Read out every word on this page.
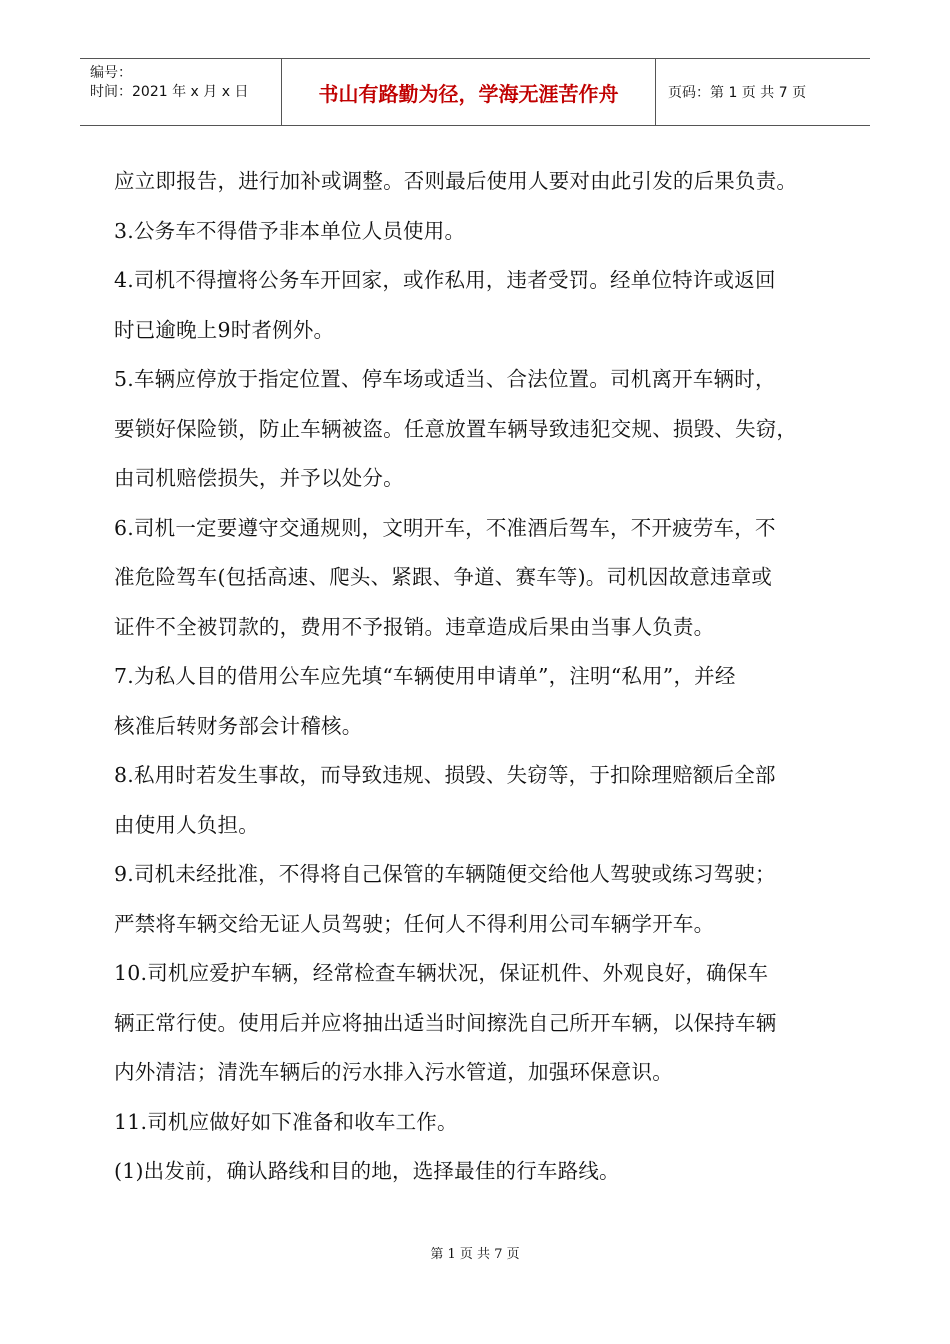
编号：
时间：2021 年 x 月 x 日	书山有路勤为径，学海无涯苦作舟	页码：第 1 页 共 7 页
应立即报告，进行加补或调整。否则最后使用人要对由此引发的后果负责。
3.公务车不得借予非本单位人员使用。
4.司机不得擅将公务车开回家，或作私用，违者受罚。经单位特许或返回
时已逾晚上9时者例外。
5.车辆应停放于指定位置、停车场或适当、合法位置。司机离开车辆时，
要锁好保险锁，防止车辆被盗。任意放置车辆导致违犯交规、损毁、失窃，
由司机赔偿损失，并予以处分。
6.司机一定要遵守交通规则，文明开车，不准酒后驾车，不开疲劳车，不
准危险驾车(包括高速、爬头、紧跟、争道、赛车等)。司机因故意违章或
证件不全被罚款的，费用不予报销。违章造成后果由当事人负责。
7.为私人目的借用公车应先填“车辆使用申请单”，注明“私用”，并经
核准后转财务部会计稽核。
8.私用时若发生事故，而导致违规、损毁、失窃等，于扣除理赔额后全部
由使用人负担。
9.司机未经批准，不得将自己保管的车辆随便交给他人驾驶或练习驾驶；
严禁将车辆交给无证人员驾驶；任何人不得利用公司车辆学开车。
10.司机应爱护车辆，经常检查车辆状况，保证机件、外观良好，确保车
辆正常行使。使用后并应将抽出适当时间擦洗自己所开车辆，以保持车辆
内外清洁；清洗车辆后的污水排入污水管道，加强环保意识。
11.司机应做好如下准备和收车工作。
(1)出发前，确认路线和目的地，选择最佳的行车路线。
第 1 页 共 7 页
